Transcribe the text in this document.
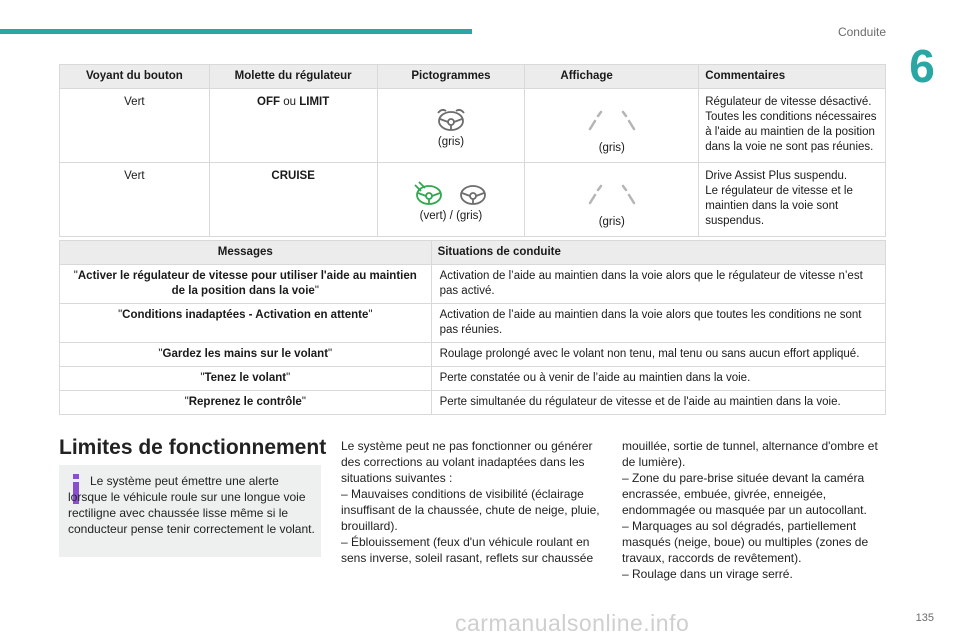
Conduite
6
Voyant du bouton	Molette du régulateur	Pictogrammes	Affichage	Commentaires
Vert	OFF ou LIMIT	(gris)	(gris)	Régulateur de vitesse désactivé.
Toutes les conditions nécessaires à l'aide au maintien de la position dans la voie ne sont pas réunies.

Vert	CRUISE	(vert) / (gris)	(gris)	Drive Assist Plus suspendu.
Le régulateur de vitesse et le maintien dans la voie sont suspendus.
Messages	Situations de conduite
"Activer le régulateur de vitesse pour utiliser l'aide au maintien de la position dans la voie"	Activation de l’aide au maintien dans la voie alors que le régulateur de vitesse n’est pas activé.
"Conditions inadaptées - Activation en attente"	Activation de l’aide au maintien dans la voie alors que toutes les conditions ne sont pas réunies.
"Gardez les mains sur le volant"	Roulage prolongé avec le volant non tenu, mal tenu ou sans aucun effort appliqué.
"Tenez le volant"	Perte constatée ou à venir de l’aide au maintien dans la voie.
"Reprenez le contrôle"	Perte simultanée du régulateur de vitesse et de l'aide au maintien dans la voie.
Limites de fonctionnement
Le système peut émettre une alerte lorsque le véhicule roule sur une longue voie rectiligne avec chaussée lisse même si le conducteur pense tenir correctement le volant.

Le système peut ne pas fonctionner ou générer des corrections au volant inadaptées dans les situations suivantes :

– Mauvaises conditions de visibilité (éclairage insuffisant de la chaussée, chute de neige, pluie, brouillard).

– Éblouissement (feux d'un véhicule roulant en sens inverse, soleil rasant, reflets sur chaussée

mouillée, sortie de tunnel, alternance d'ombre et de lumière).

– Zone du pare-brise située devant la caméra encrassée, embuée, givrée, enneigée, endommagée ou masquée par un autocollant.

– Marquages au sol dégradés, partiellement masqués (neige, boue) ou multiples (zones de travaux, raccords de revêtement).

– Roulage dans un virage serré.

carmanualsonline.info	135
